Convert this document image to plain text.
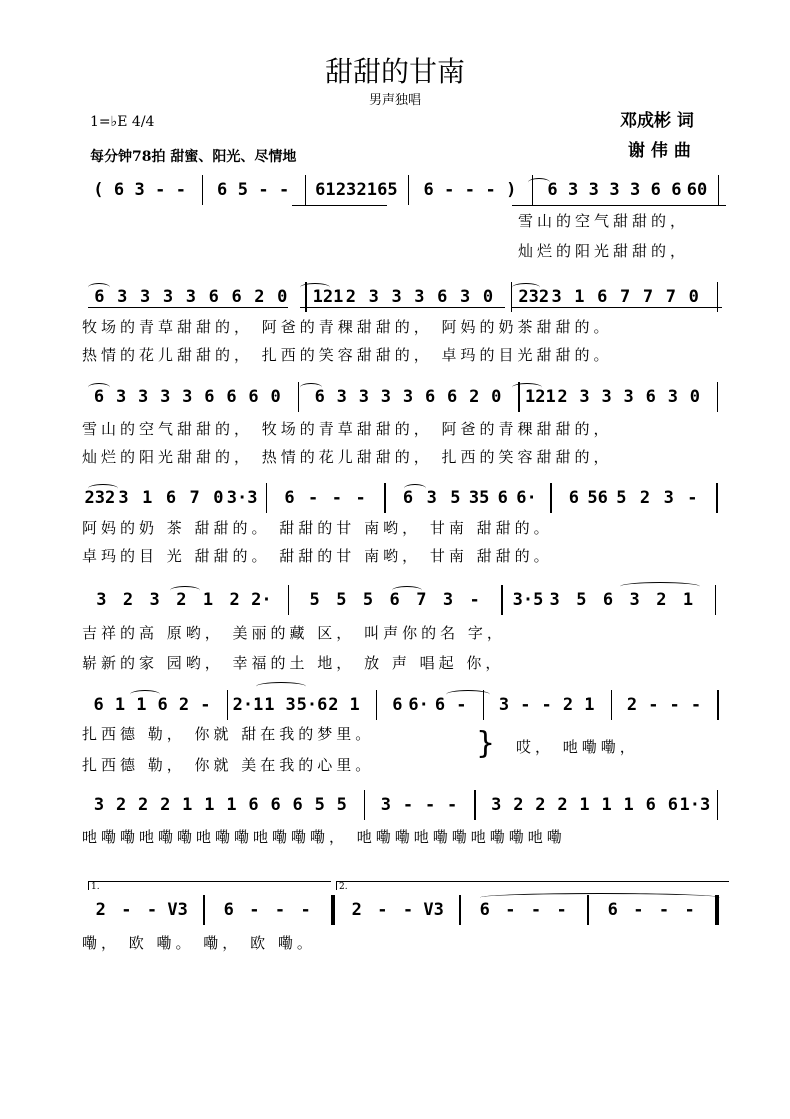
甜甜的甘南
男声独唱
邓成彬 词
谢 伟 曲
1=♭E 4/4
每分钟78拍 甜蜜、阳光、尽情地
( 6 3 - -	6 5 - -	61 23 21 65	6 - - - )	6 3 3 3 3 6 6 60
雪山的空气甜甜的，
灿烂的阳光甜甜的，
6 3 3 3 3 6 6 2 0	121 2 3 3 3 6 3 0	232 3 1 6 7 7 7 0
牧场的青草甜甜的， 阿爸的青稞甜甜的， 阿妈的奶茶甜甜的。
热情的花儿甜甜的， 扎西的笑容甜甜的， 卓玛的目光甜甜的。
6 3 3 3 3 6 6 6 0	6 3 3 3 3 6 6 2 0	121 2 3 3 3 6 3 0
雪山的空气甜甜的， 牧场的青草甜甜的， 阿爸的青稞甜甜的，
灿烂的阳光甜甜的， 热情的花儿甜甜的， 扎西的笑容甜甜的，
232 3 1 6 7 0 3·3	6 - - -	6 3 5 35 6 6·	6 56 5 2 3 -
阿妈的奶 茶 甜甜的。 甜甜的甘 南哟， 甘南 甜甜的。
卓玛的目 光 甜甜的。 甜甜的甘 南哟， 甘南 甜甜的。
3 2 3 2 1 2 2·	5 5 5 6 7 3 -	3·5 3 5 6 3 2 1
吉祥的高 原哟， 美丽的藏 区， 叫声你的名 字，
崭新的家 园哟， 幸福的土 地， 放 声 唱起 你，
6 1 1 6 2 -	2·1 1 3 5·6 2 1	6 6· 6 -	3 - - 2 1	2 - - -
扎西德 勒， 你就 甜在我的梦里。
扎西德 勒， 你就 美在我的心里。
} 哎， 吔嘞嘞，
3 2 2 2 1 1 1 6 6 6 5 5	3 - - -	3 2 2 2 1 1 1 6 6 1·3
吔嘞嘞吔嘞嘞吔嘞嘞吔嘞嘞嘞， 吔嘞嘞吔嘞嘞吔嘞嘞吔嘞
2 - - V3	6 - - -	2 - - V3	6 - - -	6 - - -
嘞， 欧 嘞。 嘞， 欧 嘞。
1.	2.
